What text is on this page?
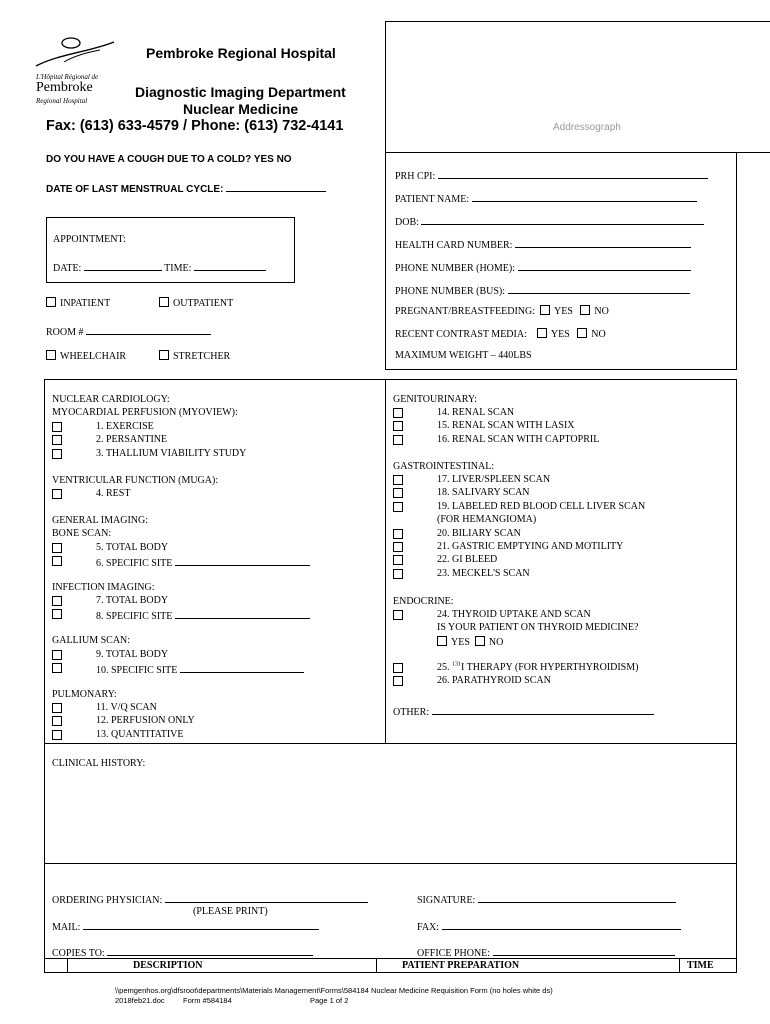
L'Hôpital Régional de
Pembroke
Regional Hospital
Pembroke Regional Hospital
Diagnostic Imaging Department
Nuclear Medicine
Fax: (613) 633-4579 / Phone: (613) 732-4141	Addressograph
DO YOU HAVE A COUGH DUE TO A COLD? YES NO
DATE OF LAST MENSTRUAL CYCLE:
APPOINTMENT:
DATE:	TIME:
INPATIENT	OUTPATIENT
ROOM #
WHEELCHAIR	STRETCHER
PRH CPI:
PATIENT NAME:
DOB:
HEALTH CARD NUMBER:
PHONE NUMBER (HOME):
PHONE NUMBER (BUS):
PREGNANT/BREASTFEEDING: YES NO
RECENT CONTRAST MEDIA: YES NO
MAXIMUM WEIGHT – 440LBS
NUCLEAR CARDIOLOGY:
MYOCARDIAL PERFUSION (MYOVIEW):
1. EXERCISE
2. PERSANTINE
3. THALLIUM VIABILITY STUDY
VENTRICULAR FUNCTION (MUGA):
4. REST
GENERAL IMAGING:
BONE SCAN:
5. TOTAL BODY
6. SPECIFIC SITE
INFECTION IMAGING:
7. TOTAL BODY
8. SPECIFIC SITE
GALLIUM SCAN:
9. TOTAL BODY
10. SPECIFIC SITE
PULMONARY:
11. V/Q SCAN
12. PERFUSION ONLY
13. QUANTITATIVE
GENITOURINARY:
14. RENAL SCAN
15. RENAL SCAN WITH LASIX
16. RENAL SCAN WITH CAPTOPRIL
GASTROINTESTINAL:
17. LIVER/SPLEEN SCAN
18. SALIVARY SCAN
19. LABELED RED BLOOD CELL LIVER SCAN
(FOR HEMANGIOMA)
20. BILIARY SCAN
21. GASTRIC EMPTYING AND MOTILITY
22. GI BLEED
23. MECKEL'S SCAN
ENDOCRINE:
24. THYROID UPTAKE AND SCAN
IS YOUR PATIENT ON THYROID MEDICINE?
YES NO
25. $^{131}$I THERAPY (FOR HYPERTHYROIDISM)
26. PARATHYROID SCAN
OTHER:
CLINICAL HISTORY:
ORDERING PHYSICIAN:
(PLEASE PRINT)
SIGNATURE:
MAIL:	FAX:
COPIES TO:	OFFICE PHONE:
DESCRIPTION	PATIENT PREPARATION	TIME
\\pemgenhos.org\dfsroot\departments\Materials Management\Forms\584184 Nuclear Medicine Requisition Form (no holes white ds)
2018feb21.doc Form #584184	Page 1 of 2
